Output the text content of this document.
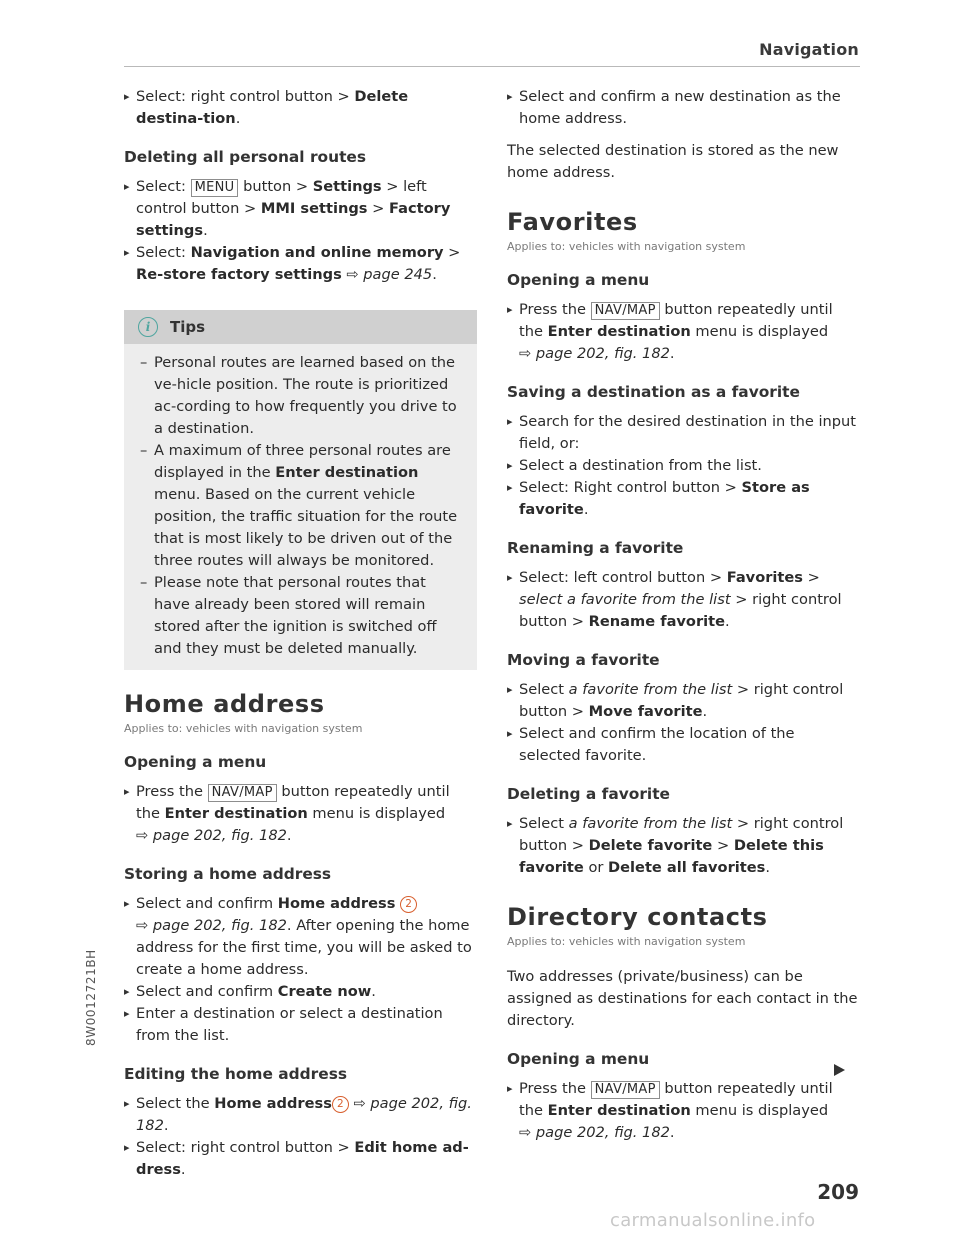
Navigation
▸ Select: right control button > Delete destina-tion.
Deleting all personal routes
▸ Select: MENU button > Settings > left control button > MMI settings > Factory settings.
▸ Select: Navigation and online memory > Re-store factory settings ⇨ page 245.
i	Tips
– Personal routes are learned based on the ve-hicle position. The route is prioritized ac-cording to how frequently you drive to a destination.
– A maximum of three personal routes are displayed in the Enter destination menu. Based on the current vehicle position, the traffic situation for the route that is most likely to be driven out of the three routes will always be monitored.
– Please note that personal routes that have already been stored will remain stored after the ignition is switched off and they must be deleted manually.
Home address
Applies to: vehicles with navigation system
Opening a menu
▸ Press the NAV/MAP button repeatedly until the Enter destination menu is displayed
⇨ page 202, fig. 182.
Storing a home address
▸ Select and confirm Home address 2
⇨ page 202, fig. 182. After opening the home address for the first time, you will be asked to create a home address.
▸ Select and confirm Create now.
▸ Enter a destination or select a destination from the list.
Editing the home address
▸ Select the Home address 2 ⇨ page 202, fig. 182.
▸ Select: right control button > Edit home ad-dress.
▸ Select and confirm a new destination as the home address.
The selected destination is stored as the new home address.
Favorites
Applies to: vehicles with navigation system
Opening a menu
▸ Press the NAV/MAP button repeatedly until the Enter destination menu is displayed
⇨ page 202, fig. 182.
Saving a destination as a favorite
▸ Search for the desired destination in the input field, or:
▸ Select a destination from the list.
▸ Select: Right control button > Store as favorite.
Renaming a favorite
▸ Select: left control button > Favorites > select a favorite from the list > right control button > Rename favorite.
Moving a favorite
▸ Select a favorite from the list > right control button > Move favorite.
▸ Select and confirm the location of the selected favorite.
Deleting a favorite
▸ Select a favorite from the list > right control button > Delete favorite > Delete this favorite or Delete all favorites.
Directory contacts
Applies to: vehicles with navigation system
Two addresses (private/business) can be assigned as destinations for each contact in the directory.
Opening a menu
▸ Press the NAV/MAP button repeatedly until the Enter destination menu is displayed
⇨ page 202, fig. 182.
8W0012721BH
209
carmanualsonline.info
